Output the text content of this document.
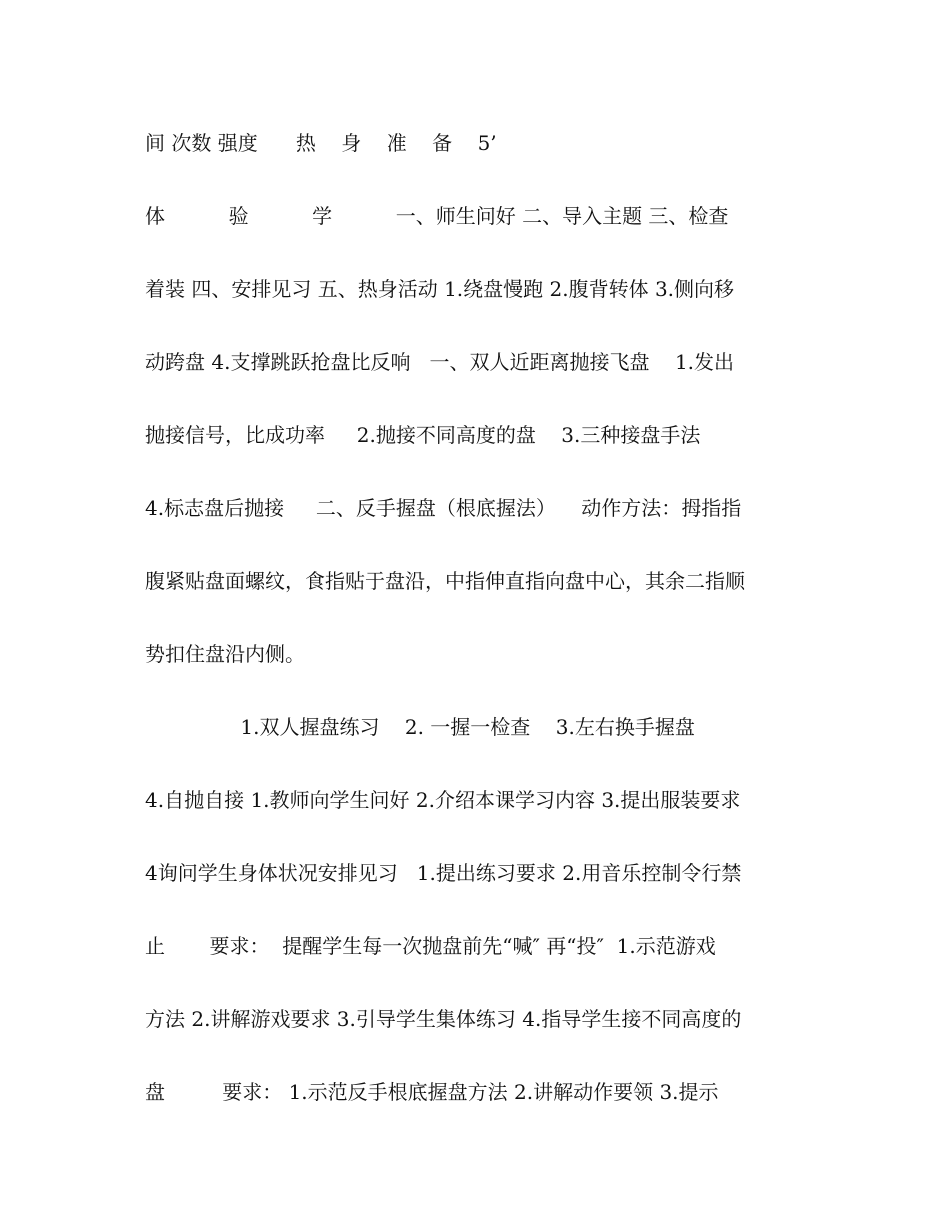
间 次数 强度      热    身    准    备    5’
体          验          学          一、师生问好 二、导入主题 三、检查
着装 四、安排见习 五、热身活动 1.绕盘慢跑 2.腹背转体 3.侧向移
动跨盘 4.支撑跳跃抢盘比反响   一、双人近距离抛接飞盘    1.发出
抛接信号，比成功率     2.抛接不同高度的盘    3.三种接盘手法
4.标志盘后抛接     二、反手握盘（根底握法）    动作方法：拇指指
腹紧贴盘面螺纹，食指贴于盘沿，中指伸直指向盘中心，其余二指顺
势扣住盘沿内侧。
1.双人握盘练习    2. 一握一检查    3.左右换手握盘
4.自抛自接 1.教师向学生问好 2.介绍本课学习内容 3.提出服装要求
4询问学生身体状况安排见习   1.提出练习要求 2.用音乐控制令行禁
止       要求：  提醒学生每一次抛盘前先“喊″ 再“投″  1.示范游戏
方法 2.讲解游戏要求 3.引导学生集体练习 4.指导学生接不同高度的
盘         要求： 1.示范反手根底握盘方法 2.讲解动作要领 3.提示
